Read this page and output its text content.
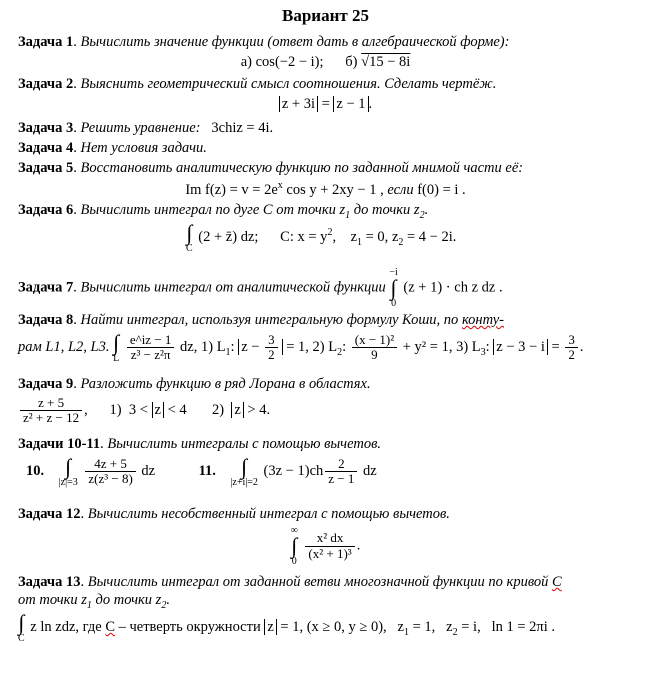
Вариант 25
Задача 1. Вычислить значение функции (ответ дать в алгебраической форме):
а) cos(−2 − i); б) √15 − 8i
Задача 2. Выяснить геометрический смысл соотношения. Сделать чертёж.
z + 3i = z − 1 .
Задача 3. Решить уравнение: 3chiz = 4i.
Задача 4. Нет условия задачи.
Задача 5. Восстановить аналитическую функцию по заданной мнимой части её:
Im $f(z) = v = 2e^x$ cos y + 2xy − 1 , если f(0) = i .
Задача 6. Вычислить интеграл по дуге C от точки $z_1$ до точки $z_2$.
∫
C
(2 + z̄) dz; C: $x = y^2$, $z_1 = 0$, $z_2 = 4 - 2i$.
Задача 7. Вычислить интеграл от аналитической функции
−i
∫
0
(z + 1) · ch z dz .
Задача 8. Найти интеграл, используя интегральную формулу Коши, по конту-
рам L1, L2, L3. ∫
L
$\frac{e\^{}iz - 1}{\text{z³ − z²π}}$ dz, 1) $L_1$: $z - \frac{3}{2} = 1$, 2) $L_2$: $\frac{\text{(x − 1)²}}{9} + y^2 = 1$, 3) $L_3$: $z - 3 - i = \frac{3}{2}$ .
Задача 9. Разложить функцию в ряд Лорана в областях.
$\frac{z + 5}{\text{z² + z − 12}}$ , 1) 3 < z < 4 2) z > 4.
Задачи 10-11. Вычислить интегралы с помощью вычетов.
10. ∫
|z|=3
$\frac{4z + 5}{\text{z(z³ − 8)}}$ dz	11. ∫
|z+i|=2
$(3z - 1)ch \frac{2}{z - 1}$ dz
Задача 12. Вычислить несобственный интеграл с помощью вычетов.
∞
∫
0

$\frac{\text{x² dx}}{\text{(x² + 1)³}}$ .
Задача 13. Вычислить интеграл от заданной ветви многозначной функции по кривой C
от точки $z_1$ до точки $z_2$.
∫
C
z ln zdz, где C – четверть окружности z = 1, (x ≥ 0, y ≥ 0), $z_1 = 1$, $z_2 = i$, ln 1 = 2πi .
